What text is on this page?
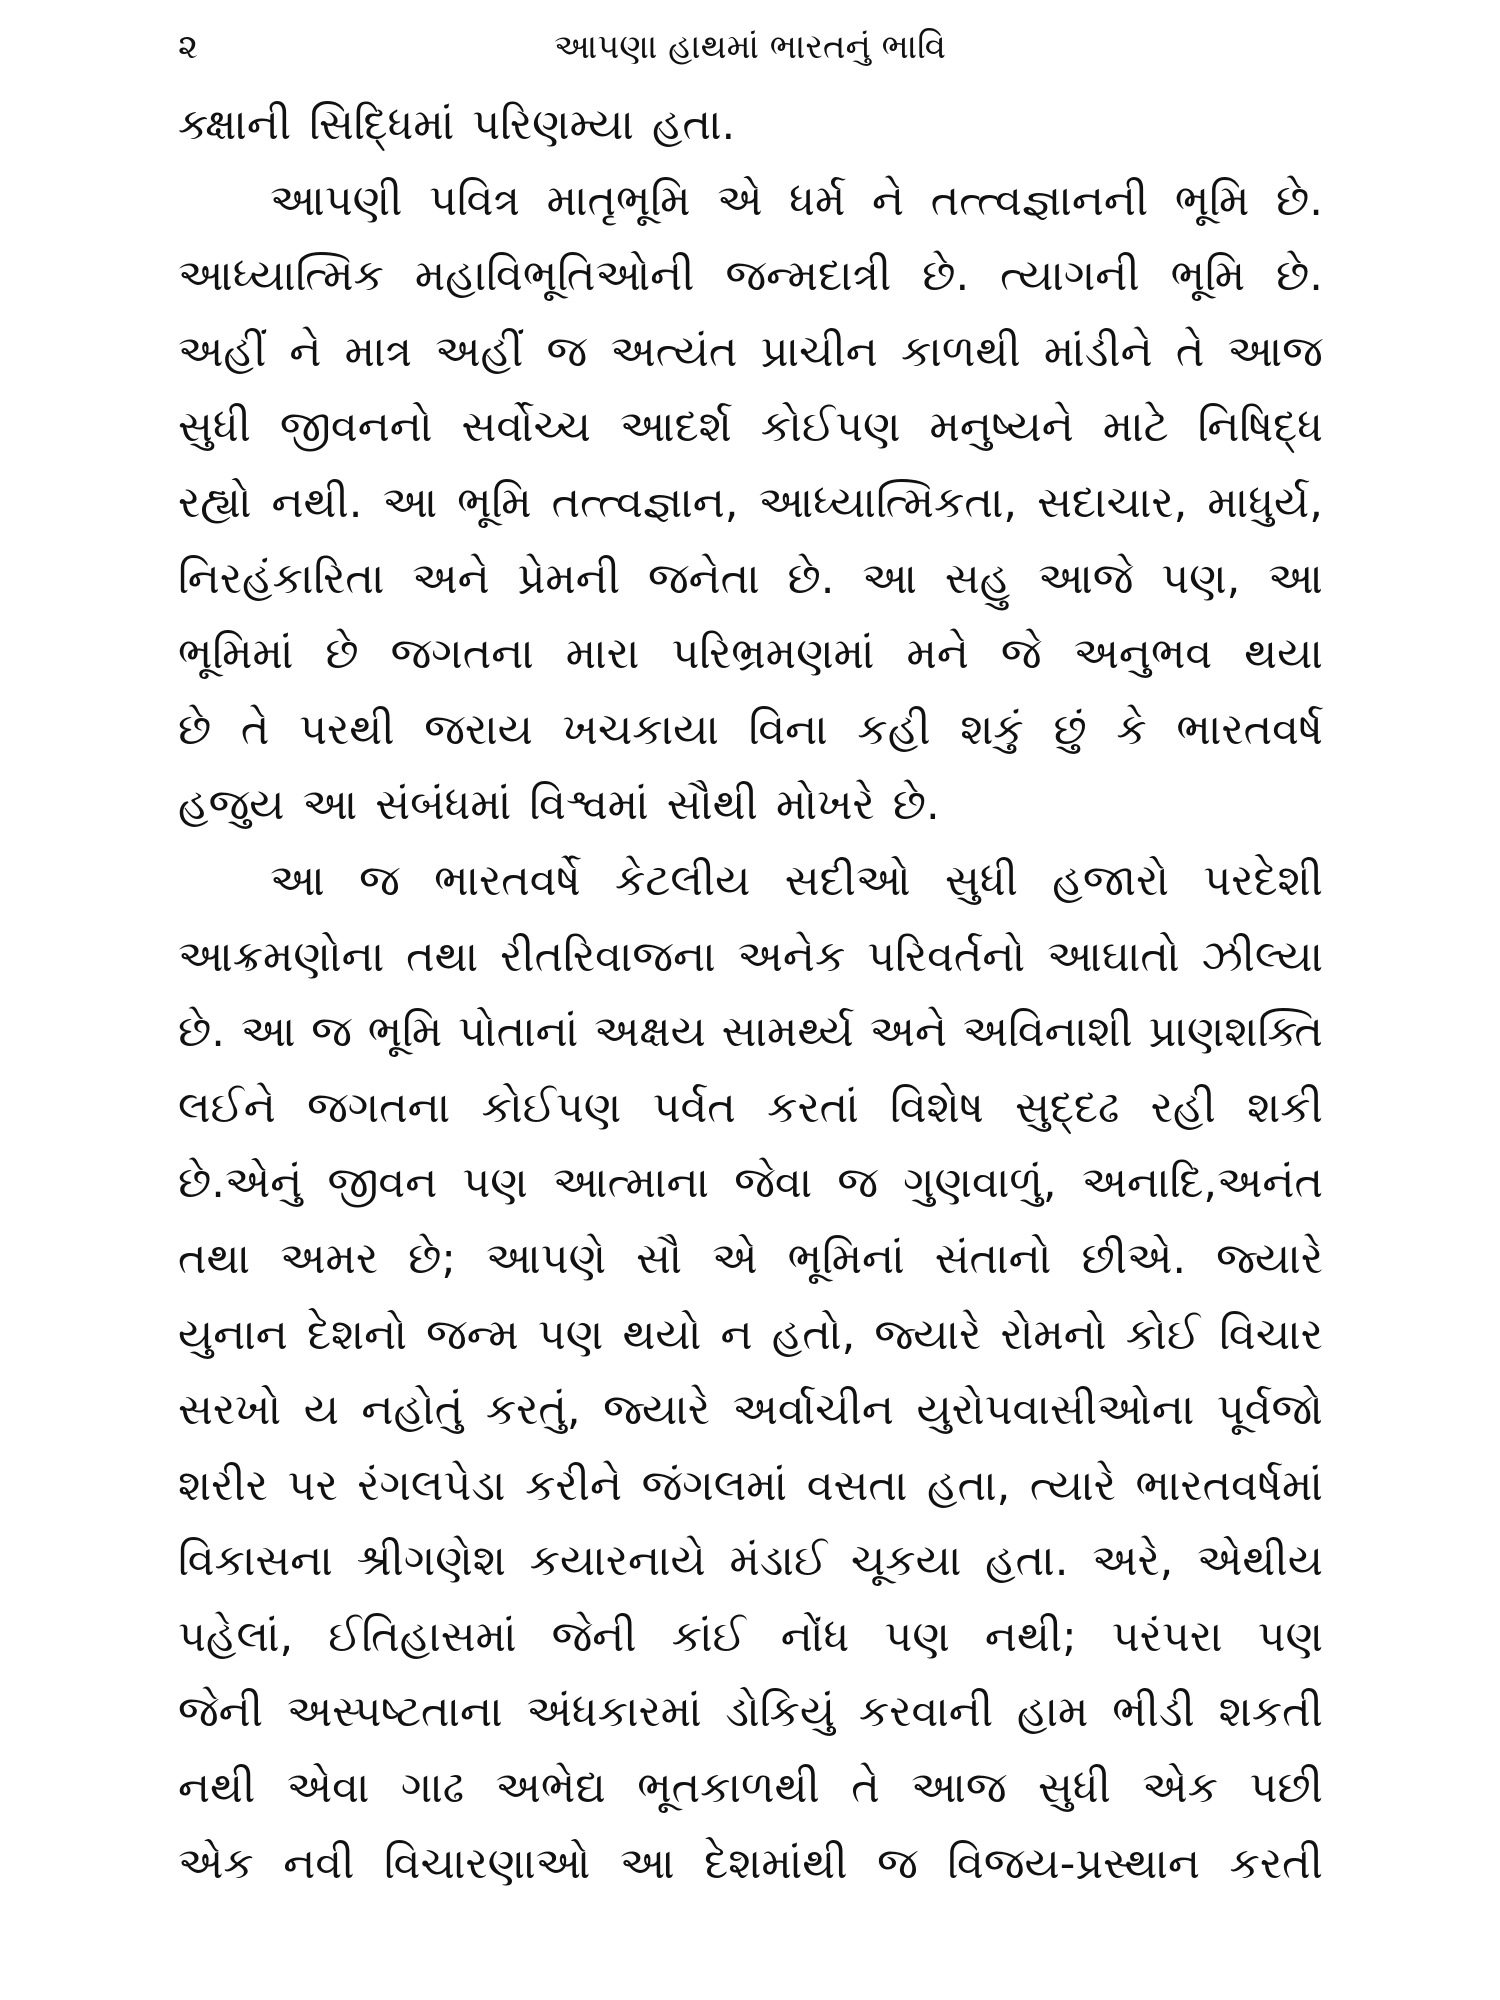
૨	આપણા હાથમાં ભારતનું ભાવિ
ક્ક્ષાની સિદ્ધિમાં પરિણમ્યા હતા.
આપણી પવિત્ર માતૃભૂમિ એ ધર્મ ને તત્ત્વજ્ઞાનની ભૂમિ છે.
આધ્યાત્મિક મહાવિભૂતિઓની જન્મદાત્રી છે. ત્યાગની ભૂમિ છે.
અહીં ને માત્ર અહીં જ અત્યંત પ્રાચીન કાળથી માંડીને તે આજ
સુધી જીવનનો સર્વોચ્ચ આદર્શ કોઈપણ મનુષ્યને માટે નિષિદ્ધ
રહ્યો નથી. આ ભૂમિ તત્ત્વજ્ઞાન, આધ્યાત્મિકતા, સદાચાર, માધુર્ય,
નિરહંકારિતા અને પ્રેમની જનેતા છે. આ સહુ આજે પણ, આ
ભૂમિમાં છે જગતના મારા પરિભ્રમણમાં મને જે અનુભવ થયા
છે તે પરથી જરાય ખચકાયા વિના કહી શકું છું કે ભારતવર્ષ
હજુય આ સંબંધમાં વિશ્વમાં સૌથી મોખરે છે.
આ જ ભારતવર્ષે કેટલીય સદીઓ સુધી હજારો પરદેશી
આક્રમણોના તથા રીતરિવાજના અનેક પરિવર્તનો આઘાતો ઝીલ્યા
છે. આ જ ભૂમિ પોતાનાં અક્ષય સામર્થ્ય અને અવિનાશી પ્રાણશક્તિ
લઈને જગતના કોઈપણ પર્વત કરતાં વિશેષ સુદ્દઢ રહી શકી
છે.એનું જીવન પણ આત્માના જેવા જ ગુણવાળું, અનાદિ,અનંત
તથા અમર છે; આપણે સૌ એ ભૂમિનાં સંતાનો છીએ. જ્યારે
યુનાન દેશનો જન્મ પણ થયો ન હતો, જ્યારે રોમનો કોઈ વિચાર
સરખો ય નહોતું કરતું, જ્યારે અર્વાચીન યુરોપવાસીઓના પૂર્વજો
શરીર પર રંગલપેડા કરીને જંગલમાં વસતા હતા, ત્યારે ભારતવર્ષમાં
વિકાસના શ્રીગણેશ કયારનાયે મંડાઈ ચૂકયા હતા. અરે, એથીય
પહેલાં, ઈતિહાસમાં જેની કાંઈ નોંધ પણ નથી; પરંપરા પણ
જેની અસ્પષ્ટતાના અંધકારમાં ડોકિયું કરવાની હામ ભીડી શકતી
નથી એવા ગાઢ અભેદ્ય ભૂતકાળથી તે આજ સુધી એક પછી
એક નવી વિચારણાઓ આ દેશમાંથી જ વિજય-પ્રસ્થાન કરતી
